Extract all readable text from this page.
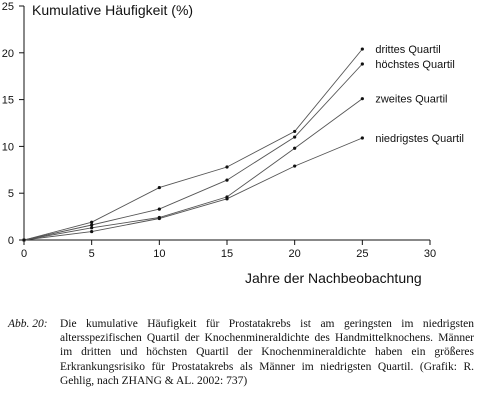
0	5	10	15	20	25	30
0
5
10
15
20
25
drittes Quartil
höchstes Quartil
zweites Quartil
niedrigstes Quartil
Kumulative Häufigkeit (%)
Jahre der Nachbeobachtung
Abb. 20: Die kumulative Häufigkeit für Prostatakrebs ist am geringsten im niedrigsten altersspezifischen Quartil der Knochenmineraldichte des Handmittelknochens. Männer im dritten und höchsten Quartil der Knochenmineraldichte haben ein größeres Erkrankungsrisiko für Prostatakrebs als Männer im niedrigsten Quartil. (Grafik: R. Gehlig, nach ZHANG & AL. 2002: 737)
